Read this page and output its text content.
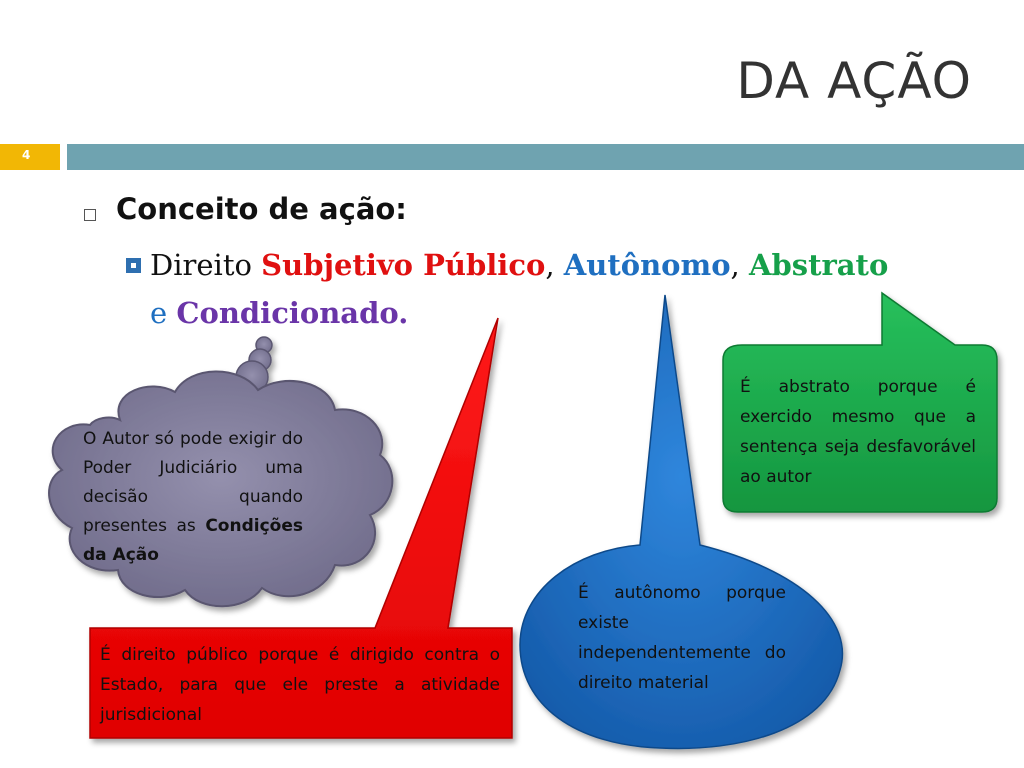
DA AÇÃO
4
Conceito de ação:
Direito Subjetivo Público, Autônomo, Abstrato
e Condicionado.
O Autor só pode exigir do Poder Judiciário uma decisão quando presentes as Condições da Ação
É direito público porque é dirigido contra o Estado, para que ele preste a atividade jurisdicional
É autônomo porque existe independentemente do direito material
É abstrato porque é exercido mesmo que a sentença seja desfavorável ao autor
